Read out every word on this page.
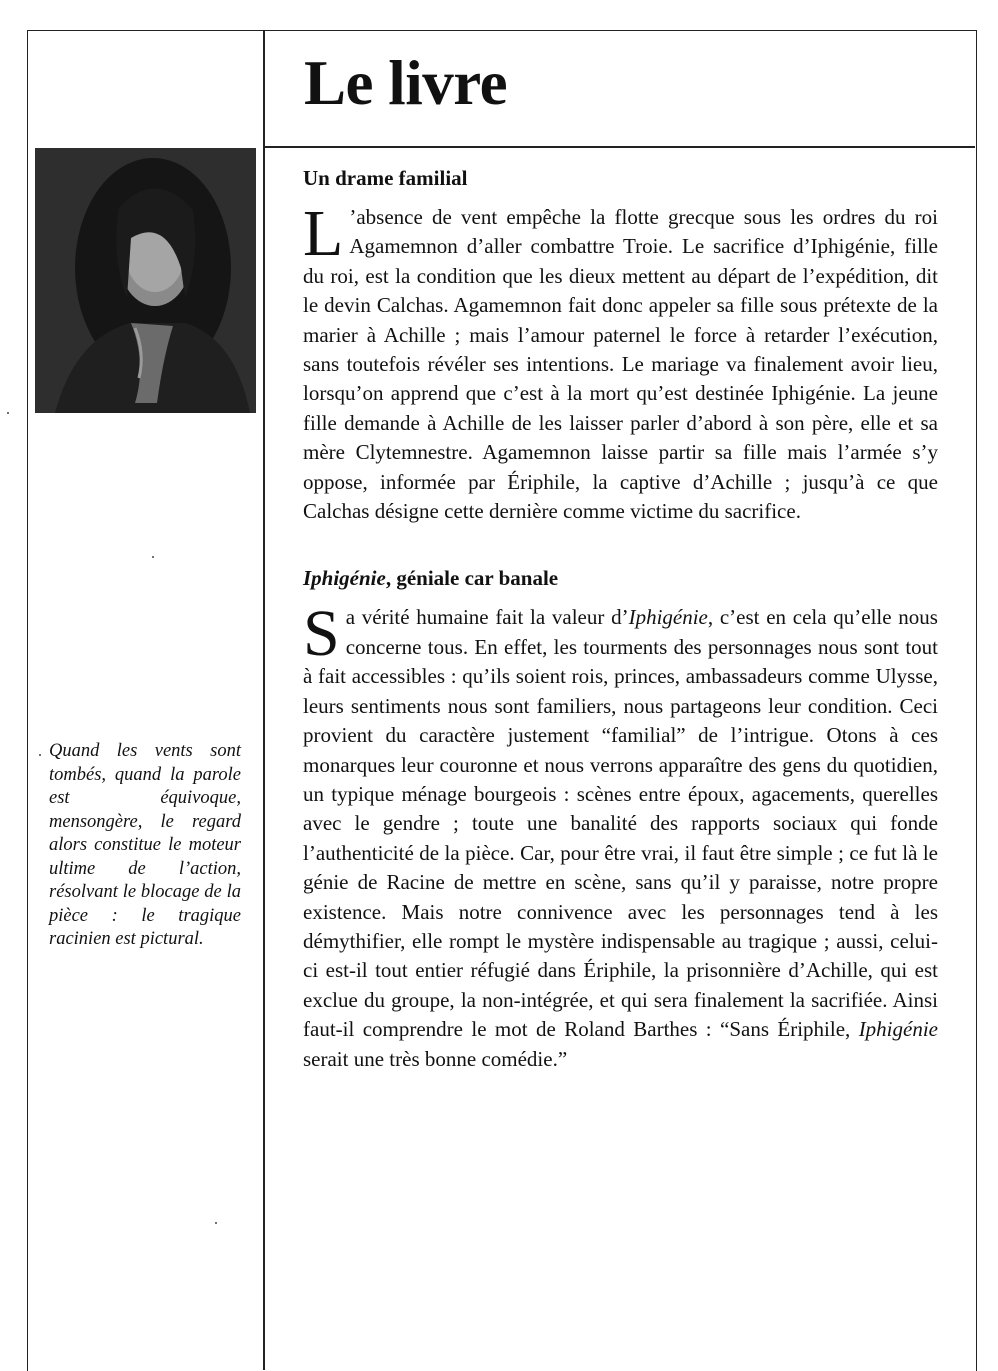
Le livre

Quand les vents sont tombés, quand la parole est équivoque, mensongère, le regard alors constitue le moteur ultime de l’action, résolvant le blocage de la pièce : le tragique racinien est pictural.

Un drame familial

L ’absence de vent empêche la flotte grecque sous les ordres du roi Agamemnon d’aller combattre Troie. Le sacrifice d’Iphigénie, fille du roi, est la condition que les dieux mettent au départ de l’expédition, dit le devin Calchas. Agamemnon fait donc appeler sa fille sous prétexte de la marier à Achille ; mais l’amour paternel le force à retarder l’exécution, sans toutefois révéler ses intentions. Le mariage va finalement avoir lieu, lorsqu’on apprend que c’est à la mort qu’est destinée Iphigénie. La jeune fille demande à Achille de les laisser parler d’abord à son père, elle et sa mère Clytemnestre. Agamemnon laisse partir sa fille mais l’armée s’y oppose, informée par Ériphile, la captive d’Achille ; jusqu’à ce que Calchas désigne cette dernière comme victime du sacrifice.

Iphigénie, géniale car banale

Sa vérité humaine fait la valeur d’Iphigénie, c’est en cela qu’elle nous concerne tous. En effet, les tourments des personnages nous sont tout à fait accessibles : qu’ils soient rois, princes, ambassadeurs comme Ulysse, leurs sentiments nous sont familiers, nous partageons leur condition. Ceci provient du caractère justement “familial” de l’intrigue. Otons à ces monarques leur couronne et nous verrons apparaître des gens du quotidien, un typique ménage bourgeois : scènes entre époux, agacements, querelles avec le gendre ; toute une banalité des rapports sociaux qui fonde l’authenticité de la pièce. Car, pour être vrai, il faut être simple ; ce fut là le génie de Racine de mettre en scène, sans qu’il y paraisse, notre propre existence. Mais notre connivence avec les personnages tend à les démythifier, elle rompt le mystère indispensable au tragique ; aussi, celui-ci est-il tout entier réfugié dans Ériphile, la prisonnière d’Achille, qui est exclue du groupe, la non-intégrée, et qui sera finalement la sacrifiée. Ainsi faut-il comprendre le mot de Roland Barthes : “Sans Ériphile, Iphigénie serait une très bonne comédie.”
